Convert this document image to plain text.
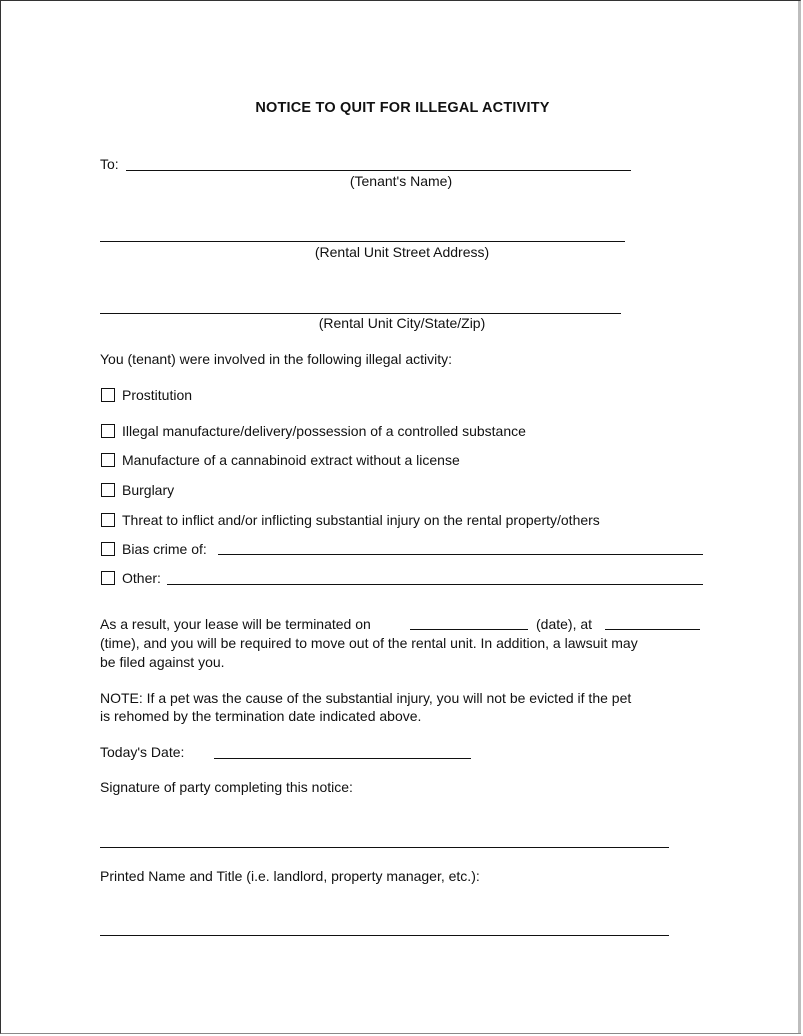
NOTICE TO QUIT FOR ILLEGAL ACTIVITY
To:
(Tenant's Name)
(Rental Unit Street Address)
(Rental Unit City/State/Zip)
You (tenant) were involved in the following illegal activity:
Prostitution
Illegal manufacture/delivery/possession of a controlled substance
Manufacture of a cannabinoid extract without a license
Burglary
Threat to inflict and/or inflicting substantial injury on the rental property/others
Bias crime of:
Other:
As a result, your lease will be terminated on	(date), at
(time), and you will be required to move out of the rental unit. In addition, a lawsuit may
be filed against you.
NOTE: If a pet was the cause of the substantial injury, you will not be evicted if the pet
is rehomed by the termination date indicated above.
Today's Date:
Signature of party completing this notice:
Printed Name and Title (i.e. landlord, property manager, etc.):
